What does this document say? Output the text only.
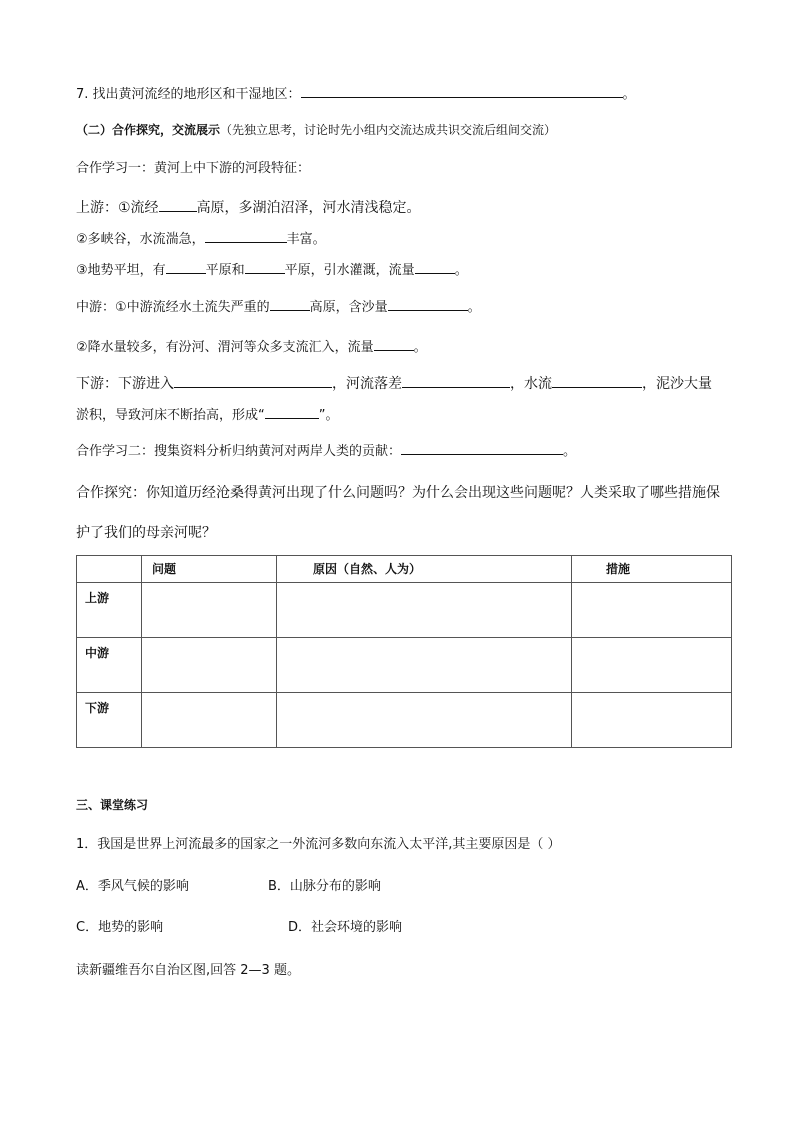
7. 找出黄河流经的地形区和干湿地区：	。
（二）合作探究，交流展示（先独立思考，讨论时先小组内交流达成共识交流后组间交流）
合作学习一：黄河上中下游的河段特征：
上游：①流经	高原，多湖泊沼泽，河水清浅稳定。
②多峡谷，水流湍急，	丰富。
③地势平坦，有	平原和	平原，引水灌溉，流量	。
中游：①中游流经水土流失严重的	高原，含沙量	。
②降水量较多，有汾河、渭河等众多支流汇入，流量	。
下游：下游进入	，河流落差	，水流	，泥沙大量
淤积，导致河床不断抬高，形成“	”。
合作学习二：搜集资料分析归纳黄河对两岸人类的贡献：	。
合作探究：你知道历经沧桑得黄河出现了什么问题吗？为什么会出现这些问题呢？人类采取了哪些措施保
护了我们的母亲河呢？
	问题	原因（自然、人为）	措施
上游			
中游			
下游			
三、课堂练习
1．我国是世界上河流最多的国家之一外流河多数向东流入太平洋,其主要原因是（ ）
A．季风气候的影响	B．山脉分布的影响
C．地势的影响	D．社会环境的影响
读新疆维吾尔自治区图,回答 2—3 题。
